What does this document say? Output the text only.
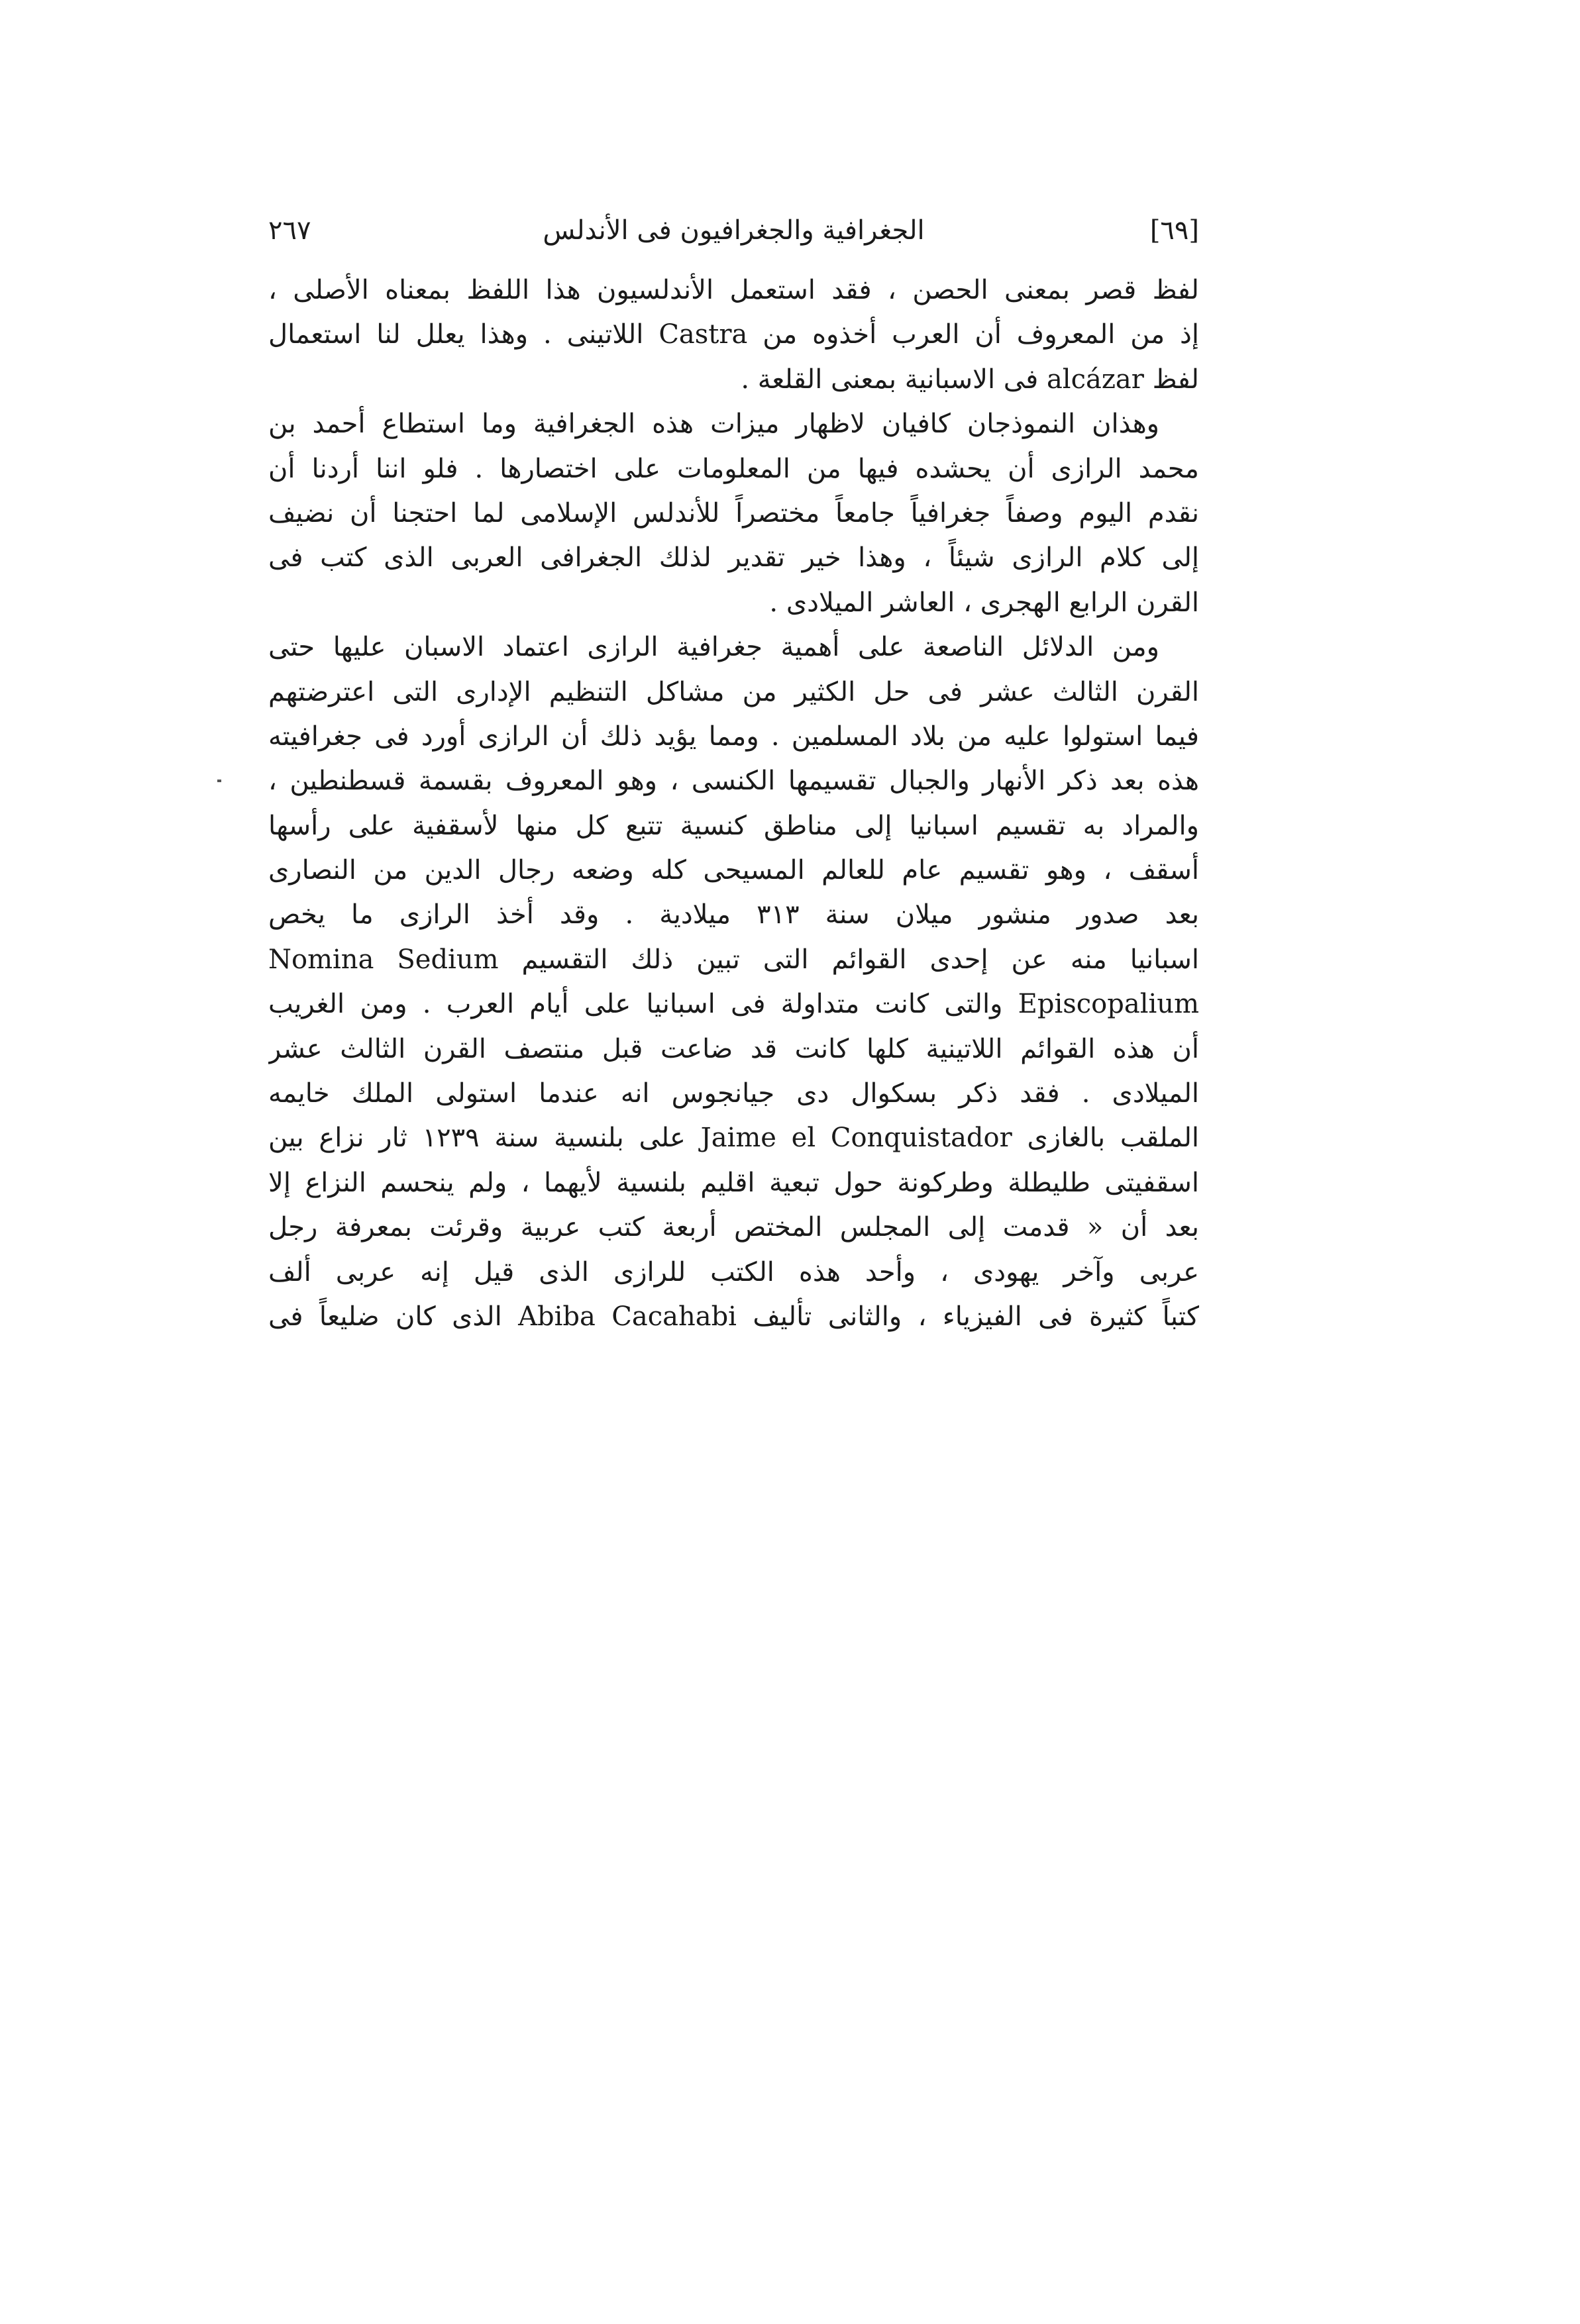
[٦٩]
الجغرافية والجغرافيون فى الأندلس
٢٦٧
لفظ قصر بمعنى الحصن ، فقد استعمل الأندلسيون هذا اللفظ بمعناه الأصلى ،
إذ من المعروف أن العرب أخذوه من Castra اللاتينى . وهذا يعلل لنا استعمال
لفظ alcázar فى الاسبانية بمعنى القلعة .
وهذان النموذجان كافيان لاظهار ميزات هذه الجغرافية وما استطاع أحمد بن
محمد الرازى أن يحشده فيها من المعلومات على اختصارها . فلو اننا أردنا أن
نقدم اليوم وصفاً جغرافياً جامعاً مختصراً للأندلس الإسلامى لما احتجنا أن نضيف
إلى كلام الرازى شيئاً ، وهذا خير تقدير لذلك الجغرافى العربى الذى كتب فى
القرن الرابع الهجرى ، العاشر الميلادى .
ومن الدلائل الناصعة على أهمية جغرافية الرازى اعتماد الاسبان عليها حتى
القرن الثالث عشر فى حل الكثير من مشاكل التنظيم الإدارى التى اعترضتهم
فيما استولوا عليه من بلاد المسلمين . ومما يؤيد ذلك أن الرازى أورد فى جغرافيته
هذه بعد ذكر الأنهار والجبال تقسيمها الكنسى ، وهو المعروف بقسمة قسطنطين ،
والمراد به تقسيم اسبانيا إلى مناطق كنسية تتبع كل منها لأسقفية على رأسها
أسقف ، وهو تقسيم عام للعالم المسيحى كله وضعه رجال الدين من النصارى
بعد صدور منشور ميلان سنة ٣١٣ ميلادية . وقد أخذ الرازى ما يخص
اسبانيا منه عن إحدى القوائم التى تبين ذلك التقسيم Nomina Sedium
Episcopalium والتى كانت متداولة فى اسبانيا على أيام العرب . ومن الغريب
أن هذه القوائم اللاتينية كلها كانت قد ضاعت قبل منتصف القرن الثالث عشر
الميلادى . فقد ذكر بسكوال دى جيانجوس انه عندما استولى الملك خايمه
الملقب بالغازى Jaime el Conquistador على بلنسية سنة ١٢٣٩ ثار نزاع بين
اسقفيتى طليطلة وطركونة حول تبعية اقليم بلنسية لأيهما ، ولم ينحسم النزاع إلا
بعد أن « قدمت إلى المجلس المختص أربعة كتب عربية وقرئت بمعرفة رجل
عربى وآخر يهودى ، وأحد هذه الكتب للرازى الذى قيل إنه عربى ألف
كتباً كثيرة فى الفيزياء ، والثانى تأليف Abiba Cacahabi الذى كان ضليعاً فى
